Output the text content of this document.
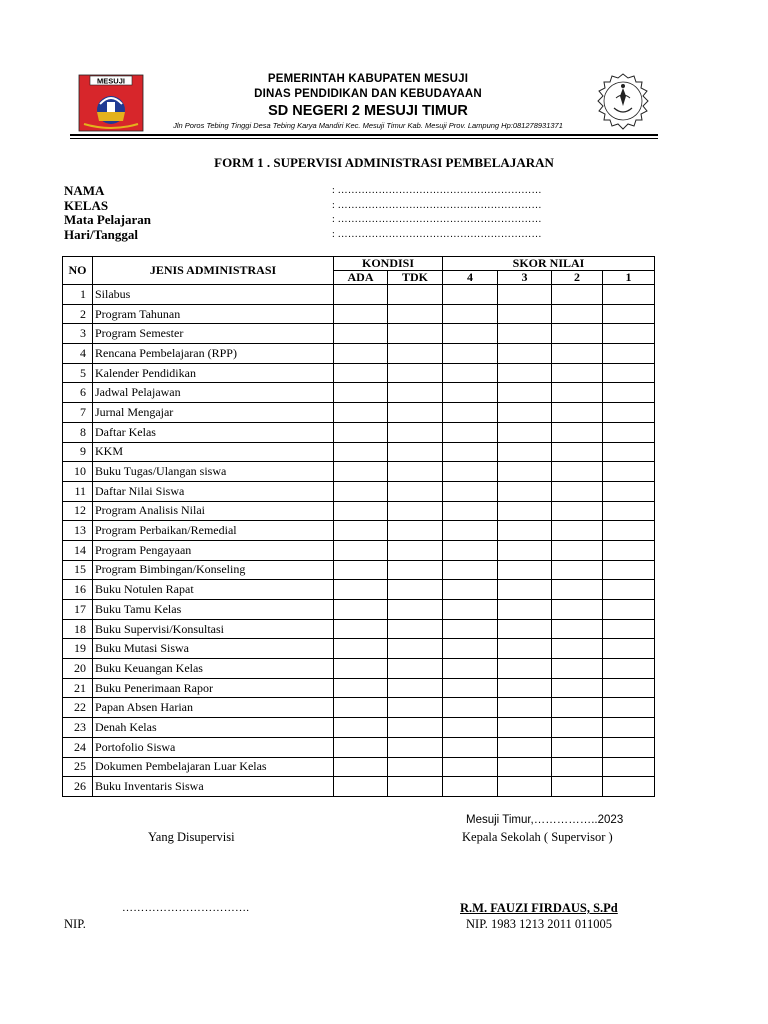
MESUJI	PEMERINTAH KABUPATEN MESUJI
DINAS PENDIDIKAN DAN KEBUDAYAAN
SD NEGERI 2 MESUJI TIMUR
Jln Poros Tebing Tinggi Desa Tebing Karya Mandiri Kec. Mesuji Timur Kab. Mesuji Prov. Lampung Hp:081278931371
FORM 1 . SUPERVISI ADMINISTRASI PEMBELAJARAN
NAMA	: ……………………………………………………
KELAS	: ……………………………………………………
Mata Pelajaran	: ……………………………………………………
Hari/Tanggal	: ……………………………………………………
NO	JENIS ADMINISTRASI	KONDISI		SKOR NILAI			
		ADA	TDK	4	3	2	1
1	Silabus						
2	Program Tahunan						
3	Program Semester						
4	Rencana Pembelajaran (RPP)						
5	Kalender Pendidikan						
6	Jadwal Pelajawan						
7	Jurnal Mengajar						
8	Daftar Kelas						
9	KKM						
10	Buku Tugas/Ulangan siswa						
11	Daftar Nilai Siswa						
12	Program Analisis Nilai						
13	Program Perbaikan/Remedial						
14	Program Pengayaan						
15	Program Bimbingan/Konseling						
16	Buku Notulen Rapat						
17	Buku Tamu Kelas						
18	Buku Supervisi/Konsultasi						
19	Buku Mutasi Siswa						
20	Buku Keuangan Kelas						
21	Buku Penerimaan Rapor						
22	Papan Absen Harian						
23	Denah Kelas						
24	Portofolio Siswa						
25	Dokumen Pembelajaran Luar Kelas						
26	Buku Inventaris Siswa						
Mesuji Timur,……………..2023
Yang Disupervisi	Kepala Sekolah ( Supervisor )
…………………………….	R.M. FAUZI FIRDAUS, S.Pd
NIP.	NIP. 1983 1213 2011 011005
